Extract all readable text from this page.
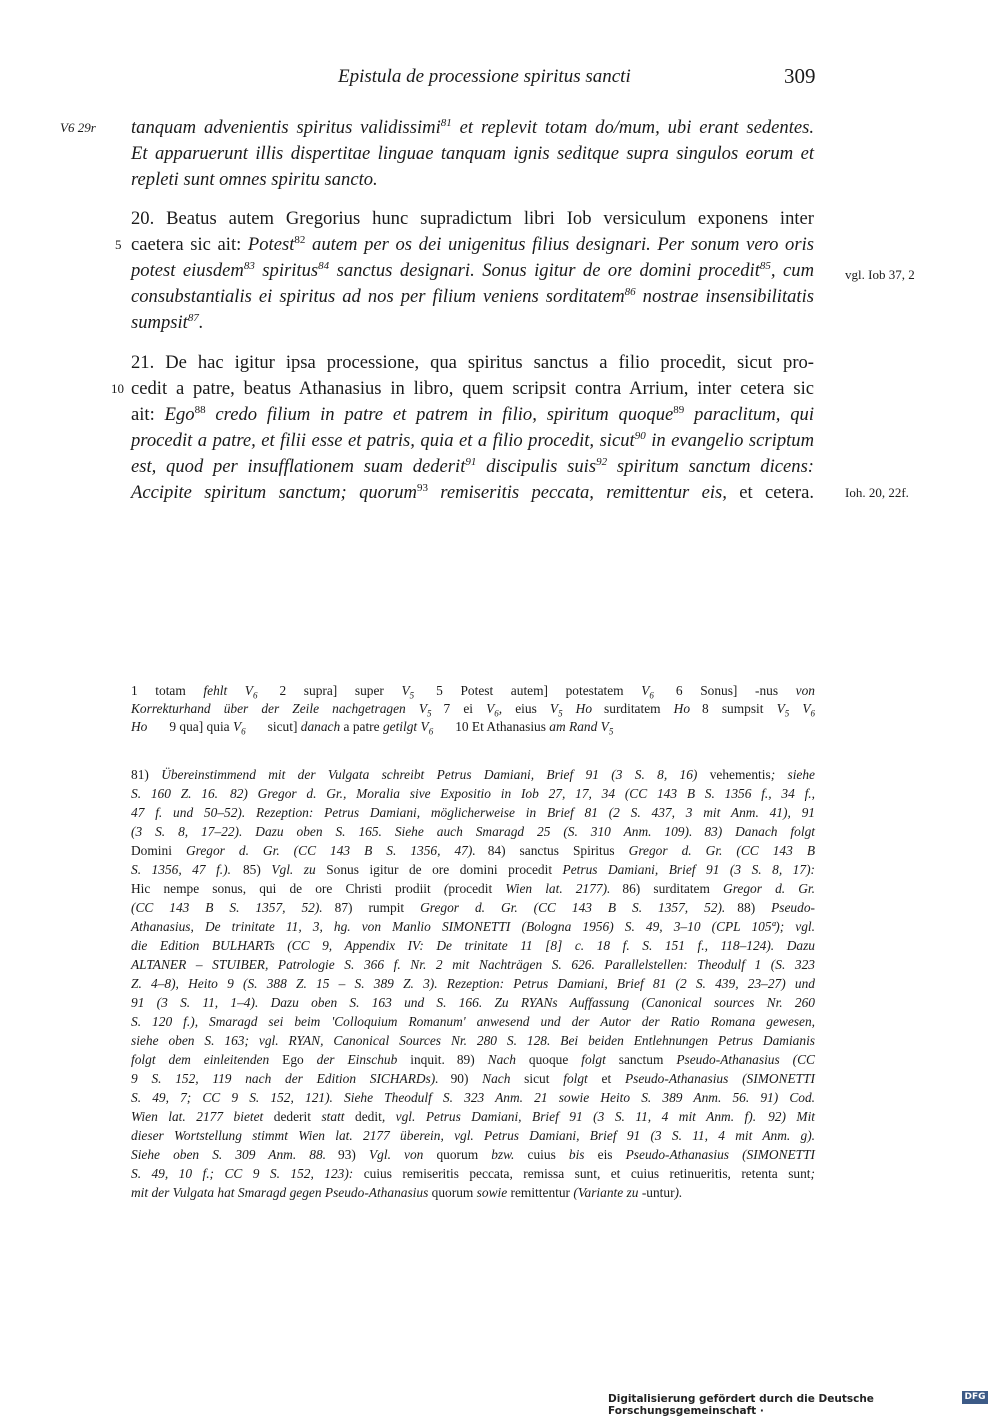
Epistula de processione spiritus sancti	309
V6 29r
5
10
vgl. Iob 37, 2
Ioh. 20, 22f.
tanquam advenientis spiritus validissimi$^{81}$ et replevit totam do/mum, ubi erant sedentes.
Et apparuerunt illis dispertitae linguae tanquam ignis seditque supra singulos eorum et
repleti sunt omnes spiritu sancto.
20. Beatus autem Gregorius hunc supradictum libri Iob versiculum exponens inter
caetera sic ait: Potest$^{82}$ autem per os dei unigenitus filius designari. Per sonum vero oris
potest eiusdem$^{83}$ spiritus$^{84}$ sanctus designari. Sonus igitur de ore domini procedit$^{85}$, cum
consubstantialis ei spiritus ad nos per filium veniens sorditatem$^{86}$ nostrae insensibilitatis
sumpsit$^{87}$.
21. De hac igitur ipsa processione, qua spiritus sanctus a filio procedit, sicut pro-
cedit a patre, beatus Athanasius in libro, quem scripsit contra Arrium, inter cetera sic
ait: Ego$^{88}$ credo filium in patre et patrem in filio, spiritum quoque$^{89}$ paraclitum, qui
procedit a patre, et filii esse et patris, quia et a filio procedit, sicut$^{90}$ in evangelio scriptum
est, quod per insufflationem suam dederit$^{91}$ discipulis suis$^{92}$ spiritum sanctum dicens:
Accipite spiritum sanctum; quorum$^{93}$ remiseritis peccata, remittentur eis, et cetera.
1 totam fehlt $V_6$ 2 supra] super $V_5$ 5 Potest autem] potestatem $V_6$ 6 Sonus] -nus von
Korrekturhand über der Zeile nachgetragen $V_5$ 7 ei $V_6$, eius $V_5$ Ho surditatem Ho 8 sumpsit $V_5$ $V_6$
Ho 9 qua] quia $V_6$ sicut] danach a patre getilgt $V_6$ 10 Et Athanasius am Rand $V_5$
81) Übereinstimmend mit der Vulgata schreibt Petrus Damiani, Brief 91 (3 S. 8, 16) vehementis; siehe
S. 160 Z. 16. 82) Gregor d. Gr., Moralia sive Expositio in Iob 27, 17, 34 (CC 143 B S. 1356 f., 34 f.,
47 f. und 50–52). Rezeption: Petrus Damiani, möglicherweise in Brief 81 (2 S. 437, 3 mit Anm. 41), 91
(3 S. 8, 17–22). Dazu oben S. 165. Siehe auch Smaragd 25 (S. 310 Anm. 109). 83) Danach folgt
Domini Gregor d. Gr. (CC 143 B S. 1356, 47). 84) sanctus Spiritus Gregor d. Gr. (CC 143 B
S. 1356, 47 f.). 85) Vgl. zu Sonus igitur de ore domini procedit Petrus Damiani, Brief 91 (3 S. 8, 17):
Hic nempe sonus, qui de ore Christi prodiit (procedit Wien lat. 2177). 86) surditatem Gregor d. Gr.
(CC 143 B S. 1357, 52). 87) rumpit Gregor d. Gr. (CC 143 B S. 1357, 52). 88) Pseudo-
Athanasius, De trinitate 11, 3, hg. von Manlio SIMONETTI (Bologna 1956) S. 49, 3–10 (CPL 105ª); vgl.
die Edition BULHARTs (CC 9, Appendix IV: De trinitate 11 [8] c. 18 f. S. 151 f., 118–124). Dazu
ALTANER – STUIBER, Patrologie S. 366 f. Nr. 2 mit Nachträgen S. 626. Parallelstellen: Theodulf 1 (S. 323
Z. 4–8), Heito 9 (S. 388 Z. 15 – S. 389 Z. 3). Rezeption: Petrus Damiani, Brief 81 (2 S. 439, 23–27) und
91 (3 S. 11, 1–4). Dazu oben S. 163 und S. 166. Zu RYANs Auffassung (Canonical sources Nr. 260
S. 120 f.), Smaragd sei beim 'Colloquium Romanum' anwesend und der Autor der Ratio Romana gewesen,
siehe oben S. 163; vgl. RYAN, Canonical Sources Nr. 280 S. 128. Bei beiden Entlehnungen Petrus Damianis
folgt dem einleitenden Ego der Einschub inquit. 89) Nach quoque folgt sanctum Pseudo-Athanasius (CC
9 S. 152, 119 nach der Edition SICHARDs). 90) Nach sicut folgt et Pseudo-Athanasius (SIMONETTI
S. 49, 7; CC 9 S. 152, 121). Siehe Theodulf S. 323 Anm. 21 sowie Heito S. 389 Anm. 56. 91) Cod.
Wien lat. 2177 bietet dederit statt dedit, vgl. Petrus Damiani, Brief 91 (3 S. 11, 4 mit Anm. f). 92) Mit
dieser Wortstellung stimmt Wien lat. 2177 überein, vgl. Petrus Damiani, Brief 91 (3 S. 11, 4 mit Anm. g).
Siehe oben S. 309 Anm. 88. 93) Vgl. von quorum bzw. cuius bis eis Pseudo-Athanasius (SIMONETTI
S. 49, 10 f.; CC 9 S. 152, 123): cuius remiseritis peccata, remissa sunt, et cuius retinueritis, retenta sunt;
mit der Vulgata hat Smaragd gegen Pseudo-Athanasius quorum sowie remittentur (Variante zu -untur).
Digitalisierung gefördert durch die Deutsche Forschungsgemeinschaft ·
DFG
